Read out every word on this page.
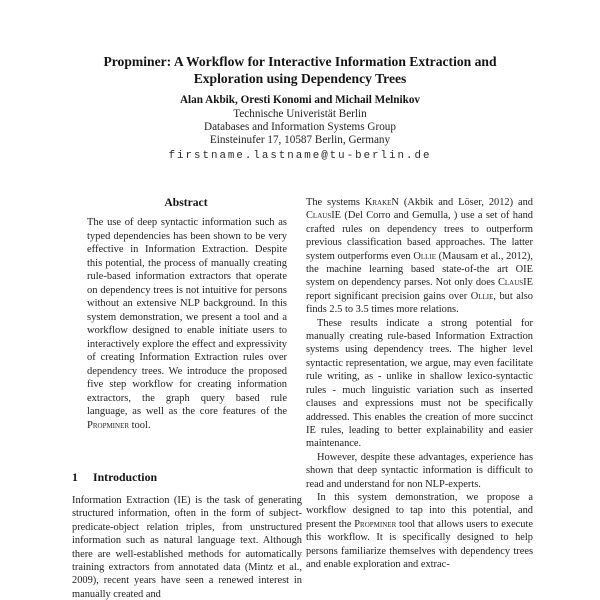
Propminer: A Workflow for Interactive Information Extraction and
Exploration using Dependency Trees
Alan Akbik, Oresti Konomi and Michail Melnikov
Technische Univeristät Berlin
Databases and Information Systems Group
Einsteinufer 17, 10587 Berlin, Germany
firstname.lastname@tu-berlin.de
Abstract

The use of deep syntactic information such as typed dependencies has been shown to be very effective in Information Extraction. Despite this potential, the process of manually creating rule-based information extractors that operate on dependency trees is not intuitive for persons without an extensive NLP background. In this system demonstration, we present a tool and a workflow designed to enable initiate users to interactively explore the effect and expressivity of creating Information Extraction rules over dependency trees. We introduce the proposed five step workflow for creating information extractors, the graph query based rule language, as well as the core features of the Propminer tool.

1 Introduction

Information Extraction (IE) is the task of generating structured information, often in the form of subject-predicate-object relation triples, from unstructured information such as natural language text. Although there are well-established methods for automatically training extractors from annotated data (Mintz et al., 2009), recent years have seen a renewed interest in manually created and

The systems KrakeN (Akbik and Löser, 2012) and ClausIE (Del Corro and Gemulla, ) use a set of hand crafted rules on dependency trees to outperform previous classification based approaches. The latter system outperforms even Ollie (Mausam et al., 2012), the machine learning based state-of-the art OIE system on dependency parses. Not only does ClausIE report significant precision gains over Ollie, but also finds 2.5 to 3.5 times more relations.

These results indicate a strong potential for manually creating rule-based Information Extraction systems using dependency trees. The higher level syntactic representation, we argue, may even facilitate rule writing, as - unlike in shallow lexico-syntactic rules - much linguistic variation such as inserted clauses and expressions must not be specifically addressed. This enables the creation of more succinct IE rules, leading to better explainability and easier maintenance.

However, despite these advantages, experience has shown that deep syntactic information is difficult to read and understand for non NLP-experts.

In this system demonstration, we propose a workflow designed to tap into this potential, and present the Propminer tool that allows users to execute this workflow. It is specifically designed to help persons familiarize themselves with dependency trees and enable exploration and extrac-
